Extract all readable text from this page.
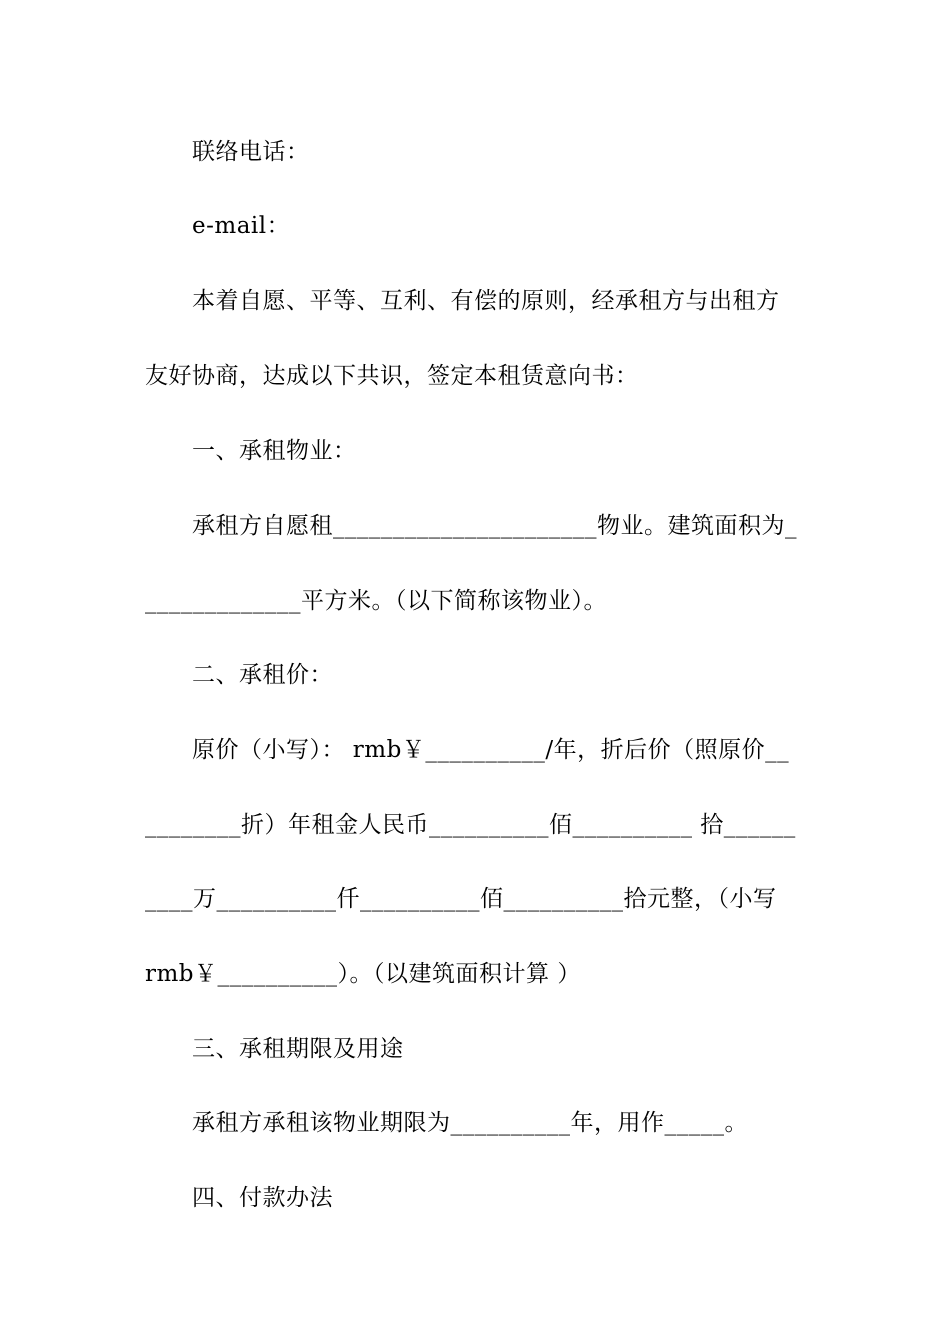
联络电话：
e-mail：
本着自愿、平等、互利、有偿的原则，经承租方与出租方
友好协商，达成以下共识，签定本租赁意向书：
一、承租物业：
承租方自愿租______________________物业。建筑面积为_
_____________平方米。（以下简称该物业）。
二、承租价：
原价（小写）： rmb￥__________/年，折后价（照原价__
________折）年租金人民币__________佰__________ 拾______
____万__________仟__________佰__________拾元整，（小写
rmb￥__________）。（以建筑面积计算 ）
三、承租期限及用途
承租方承租该物业期限为__________年，用作_____。
四、付款办法
